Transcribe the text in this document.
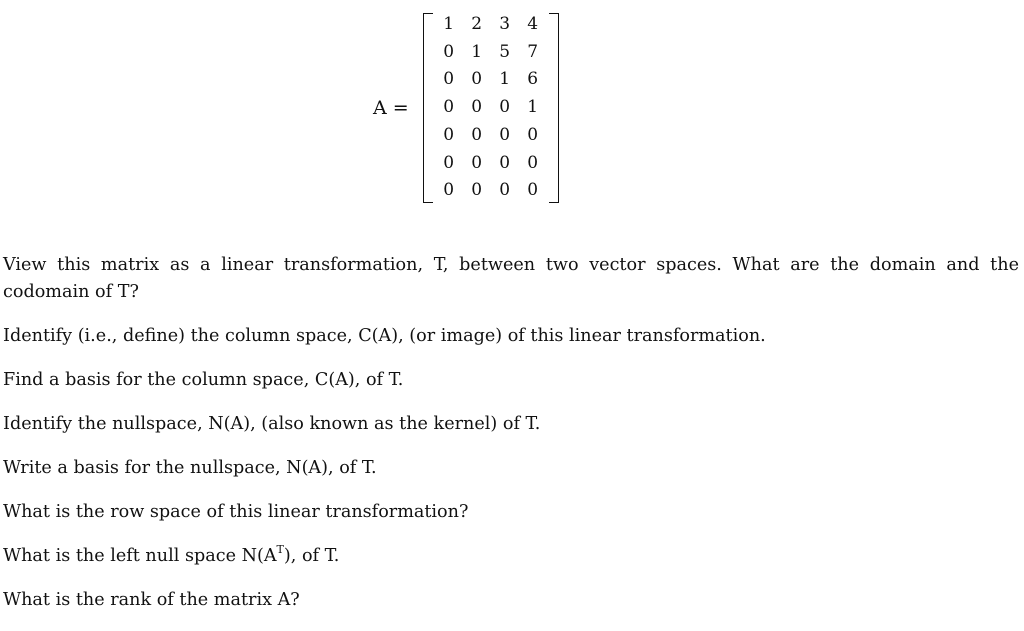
A =
1	2	3	4
0	1	5	7
0	0	1	6
0	0	0	1
0	0	0	0
0	0	0	0
0	0	0	0

View this matrix as a linear transformation, T, between two vector spaces. What are the domain and the codomain of T?

Identify (i.e., define) the column space, C(A), (or image) of this linear transformation.

Find a basis for the column space, C(A), of T.

Identify the nullspace, N(A), (also known as the kernel) of T.

Write a basis for the nullspace, N(A), of T.

What is the row space of this linear transformation?

What is the left null space $N(A^T)$, of T.

What is the rank of the matrix A?
